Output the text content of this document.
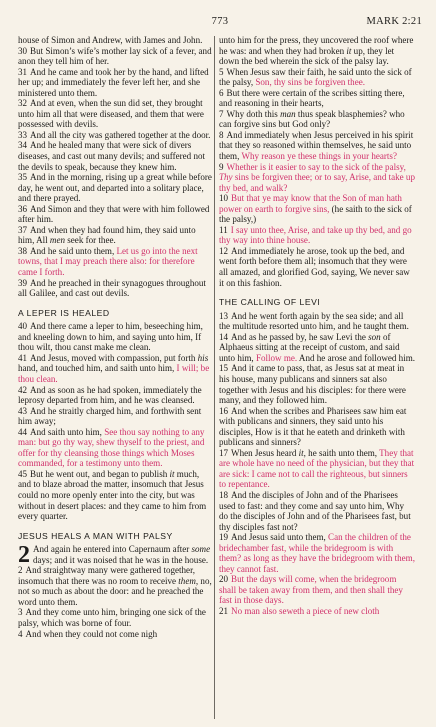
773	MARK 2:21

house of Simon and Andrew, with James and John.

30 But Simon’s wife’s mother lay sick of a fever, and anon they tell him of her.

31 And he came and took her by the hand, and lifted her up; and immediately the fever left her, and she ministered unto them.

32 And at even, when the sun did set, they brought unto him all that were diseased, and them that were possessed with devils.

33 And all the city was gathered together at the door.

34 And he healed many that were sick of divers diseases, and cast out many devils; and suffered not the devils to speak, because they knew him.

35 And in the morning, rising up a great while before day, he went out, and departed into a solitary place, and there prayed.

36 And Simon and they that were with him followed after him.

37 And when they had found him, they said unto him, All men seek for thee.

38 And he said unto them, Let us go into the next towns, that I may preach there also: for therefore came I forth.

39 And he preached in their synagogues throughout all Galilee, and cast out devils.

A LEPER IS HEALED

40 And there came a leper to him, beseeching him, and kneeling down to him, and saying unto him, If thou wilt, thou canst make me clean.

41 And Jesus, moved with compassion, put forth his hand, and touched him, and saith unto him, I will; be thou clean.

42 And as soon as he had spoken, immediately the leprosy departed from him, and he was cleansed.

43 And he straitly charged him, and forthwith sent him away;

44 And saith unto him, See thou say nothing to any man: but go thy way, shew thyself to the priest, and offer for thy cleansing those things which Moses commanded, for a testimony unto them.

45 But he went out, and began to publish it much, and to blaze abroad the matter, insomuch that Jesus could no more openly enter into the city, but was without in desert places: and they came to him from every quarter.

JESUS HEALS A MAN WITH PALSY

2 And again he entered into Capernaum after some days; and it was noised that he was in the house.

2 And straightway many were gathered together, insomuch that there was no room to receive them, no, not so much as about the door: and he preached the word unto them.

3 And they come unto him, bringing one sick of the palsy, which was borne of four.

4 And when they could not come nigh

unto him for the press, they uncovered the roof where he was: and when they had broken it up, they let down the bed wherein the sick of the palsy lay.

5 When Jesus saw their faith, he said unto the sick of the palsy, Son, thy sins be forgiven thee.

6 But there were certain of the scribes sitting there, and reasoning in their hearts,

7 Why doth this man thus speak blasphemies? who can forgive sins but God only?

8 And immediately when Jesus perceived in his spirit that they so reasoned within themselves, he said unto them, Why reason ye these things in your hearts?

9 Whether is it easier to say to the sick of the palsy, Thy sins be forgiven thee; or to say, Arise, and take up thy bed, and walk?

10 But that ye may know that the Son of man hath power on earth to forgive sins, (he saith to the sick of the palsy,)

11 I say unto thee, Arise, and take up thy bed, and go thy way into thine house.

12 And immediately he arose, took up the bed, and went forth before them all; insomuch that they were all amazed, and glorified God, saying, We never saw it on this fashion.

THE CALLING OF LEVI

13 And he went forth again by the sea side; and all the multitude resorted unto him, and he taught them.

14 And as he passed by, he saw Levi the son of Alphaeus sitting at the receipt of custom, and said unto him, Follow me. And he arose and followed him.

15 And it came to pass, that, as Jesus sat at meat in his house, many publicans and sinners sat also together with Jesus and his disciples: for there were many, and they followed him.

16 And when the scribes and Pharisees saw him eat with publicans and sinners, they said unto his disciples, How is it that he eateth and drinketh with publicans and sinners?

17 When Jesus heard it, he saith unto them, They that are whole have no need of the physician, but they that are sick: I came not to call the righteous, but sinners to repentance.

18 And the disciples of John and of the Pharisees used to fast: and they come and say unto him, Why do the disciples of John and of the Pharisees fast, but thy disciples fast not?

19 And Jesus said unto them, Can the children of the bridechamber fast, while the bridegroom is with them? as long as they have the bridegroom with them, they cannot fast.

20 But the days will come, when the bridegroom shall be taken away from them, and then shall they fast in those days.

21 No man also seweth a piece of new cloth
